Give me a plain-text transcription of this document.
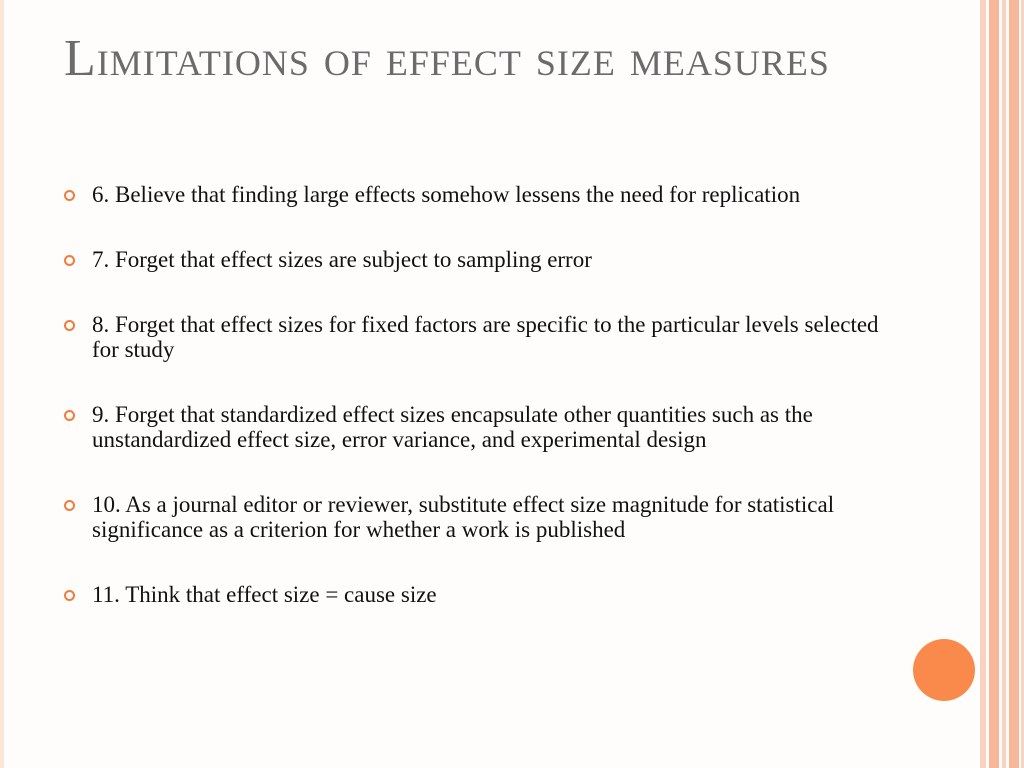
Limitations of effect size measures
6. Believe that finding large effects somehow lessens the need for replication
7. Forget that effect sizes are subject to sampling error
8. Forget that effect sizes for fixed factors are specific to the particular levels selected for study
9. Forget that standardized effect sizes encapsulate other quantities such as the unstandardized effect size, error variance, and experimental design
10. As a journal editor or reviewer, substitute effect size magnitude for statistical significance as a criterion for whether a work is published
11. Think that effect size = cause size
